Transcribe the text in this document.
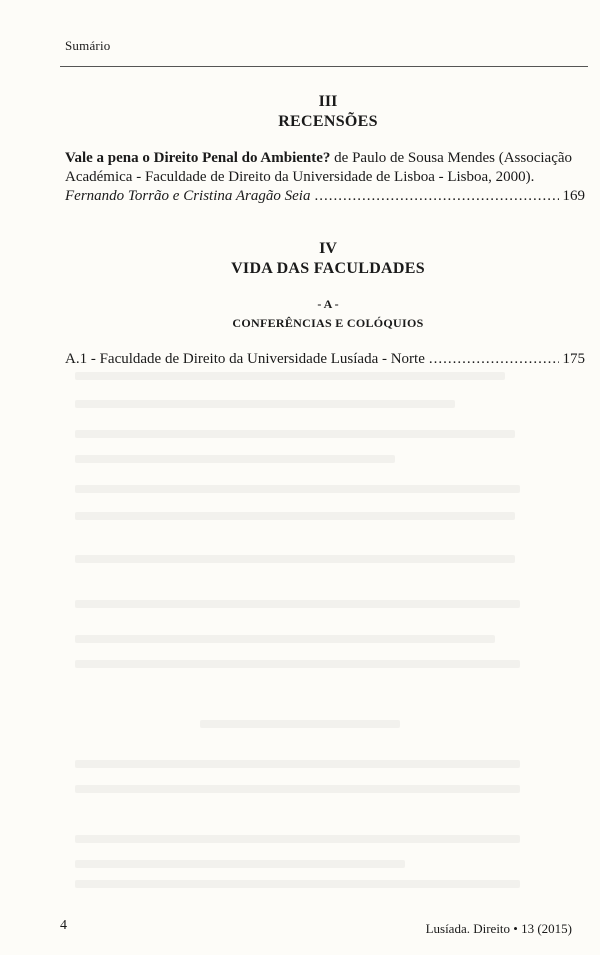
Sumário
III
RECENSÕES
Vale a pena o Direito Penal do Ambiente? de Paulo de Sousa Mendes (Associação
Académica - Faculdade de Direito da Universidade de Lisboa - Lisboa, 2000).
Fernando Torrão e Cristina Aragão Seia .....	169
IV
VIDA DAS FACULDADES
- A -
CONFERÊNCIAS E COLÓQUIOS
A.1 - Faculdade de Direito da Universidade Lusíada - Norte .....	175
4	Lusíada. Direito • 13 (2015)
